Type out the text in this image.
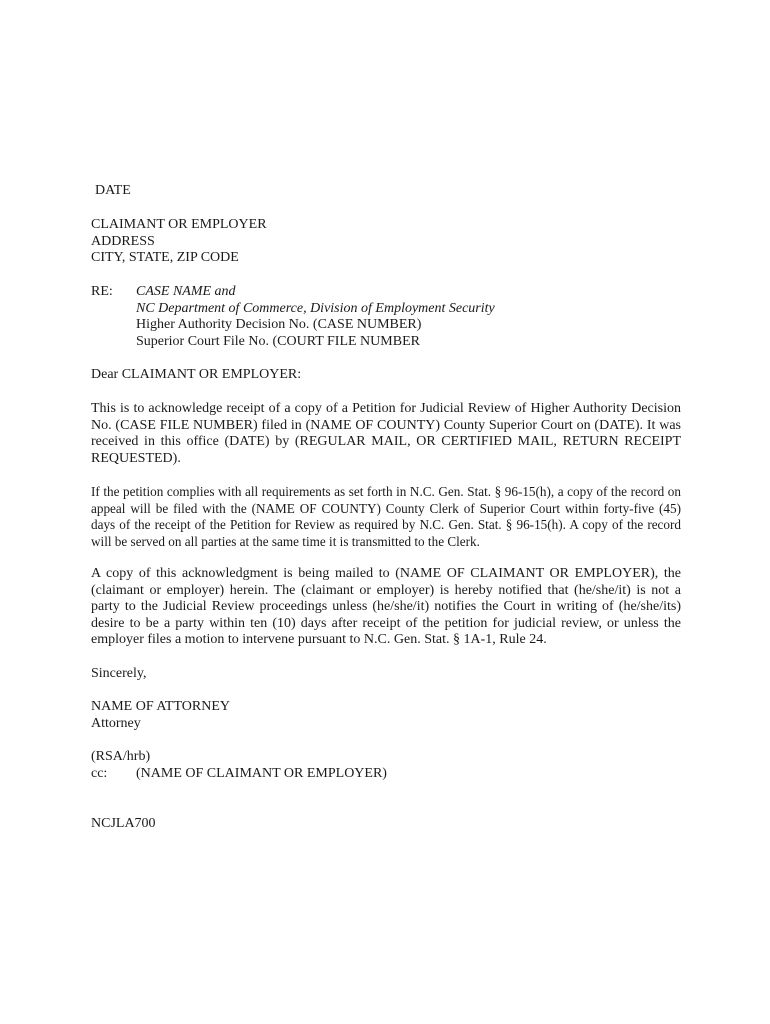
DATE
CLAIMANT OR EMPLOYER
ADDRESS
CITY, STATE, ZIP CODE
RE: CASE NAME and
NC Department of Commerce, Division of Employment Security
Higher Authority Decision No. (CASE NUMBER)
Superior Court File No. (COURT FILE NUMBER
Dear CLAIMANT OR EMPLOYER:
This is to acknowledge receipt of a copy of a Petition for Judicial Review of Higher Authority Decision No. (CASE FILE NUMBER) filed in (NAME OF COUNTY) County Superior Court on (DATE). It was received in this office (DATE) by (REGULAR MAIL, OR CERTIFIED MAIL, RETURN RECEIPT REQUESTED).
If the petition complies with all requirements as set forth in N.C. Gen. Stat. § 96-15(h), a copy of the record on appeal will be filed with the (NAME OF COUNTY) County Clerk of Superior Court within forty-five (45) days of the receipt of the Petition for Review as required by N.C. Gen. Stat. § 96-15(h). A copy of the record will be served on all parties at the same time it is transmitted to the Clerk.
A copy of this acknowledgment is being mailed to (NAME OF CLAIMANT OR EMPLOYER), the (claimant or employer) herein. The (claimant or employer) is hereby notified that (he/she/it) is not a party to the Judicial Review proceedings unless (he/she/it) notifies the Court in writing of (he/she/its) desire to be a party within ten (10) days after receipt of the petition for judicial review, or unless the employer files a motion to intervene pursuant to N.C. Gen. Stat. § 1A-1, Rule 24.
Sincerely,
NAME OF ATTORNEY
Attorney
(RSA/hrb)
cc: (NAME OF CLAIMANT OR EMPLOYER)
NCJLA700
